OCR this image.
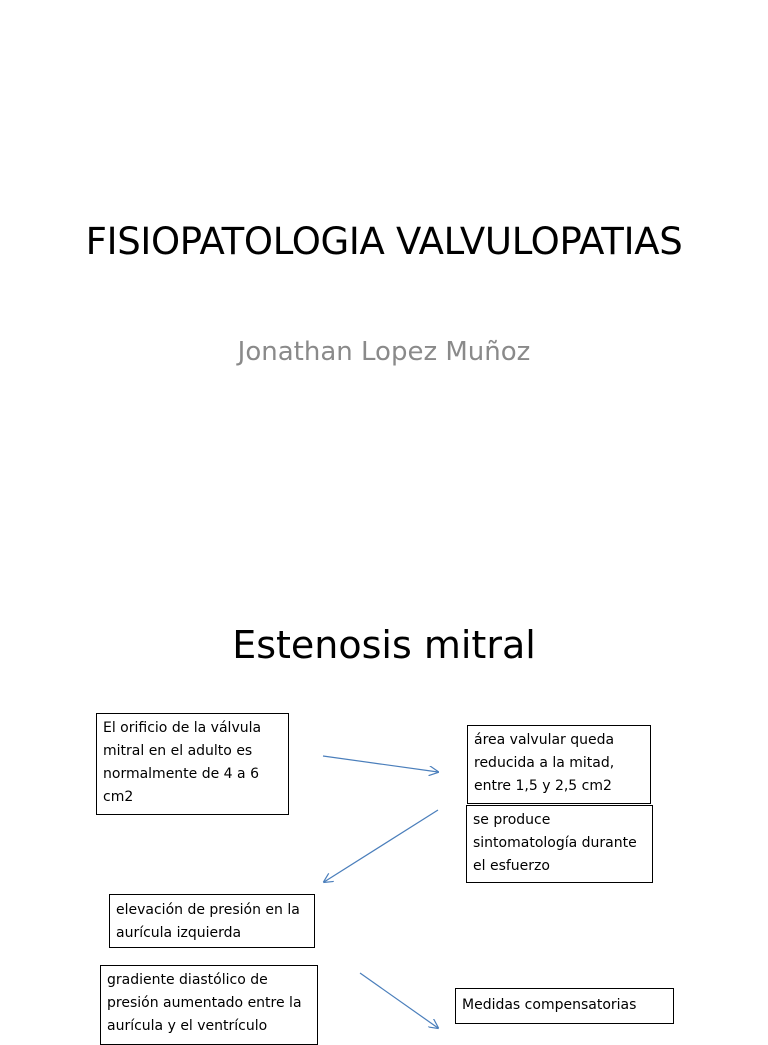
FISIOPATOLOGIA VALVULOPATIAS
Jonathan Lopez Muñoz
Estenosis mitral
El orificio de la válvula mitral en el adulto es normalmente de 4 a 6 cm2
área valvular queda reducida a la mitad, entre 1,5 y 2,5 cm2
se produce sintomatología durante el esfuerzo
elevación de presión en la aurícula izquierda
gradiente diastólico de presión aumentado entre la aurícula y el ventrículo
Medidas compensatorias
